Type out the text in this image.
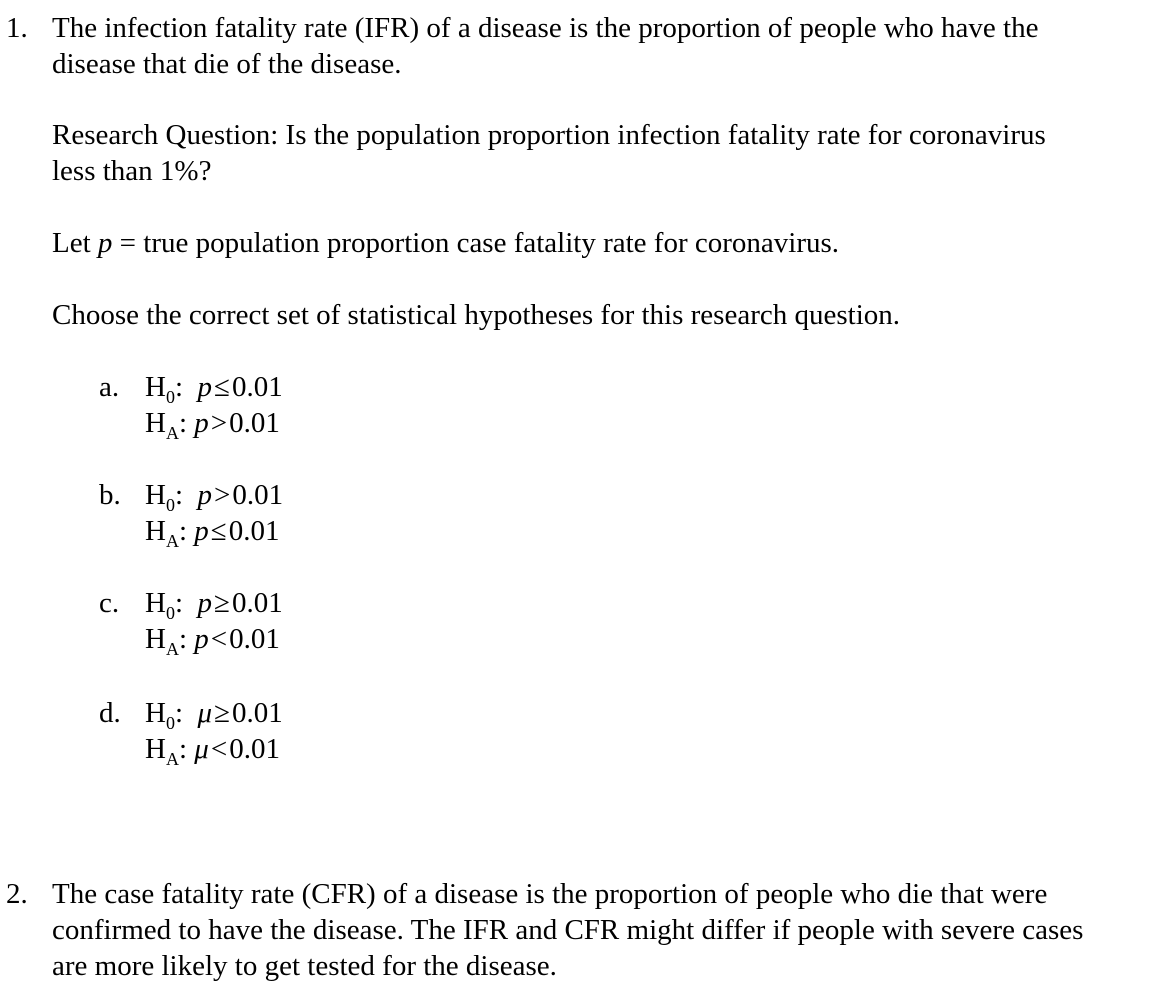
1. The infection fatality rate (IFR) of a disease is the proportion of people who have the
disease that die of the disease.
Research Question: Is the population proportion infection fatality rate for coronavirus
less than 1%?
Let p = true population proportion case fatality rate for coronavirus.
Choose the correct set of statistical hypotheses for this research question.
a. $H_0$:  p≤0.01
$H_A$: p>0.01
b. $H_0$:  p>0.01
$H_A$: p≤0.01
c. $H_0$:  p≥0.01
$H_A$: p<0.01
d. $H_0$:  μ≥0.01
$H_A$: μ<0.01
2. The case fatality rate (CFR) of a disease is the proportion of people who die that were
confirmed to have the disease. The IFR and CFR might differ if people with severe cases
are more likely to get tested for the disease.
